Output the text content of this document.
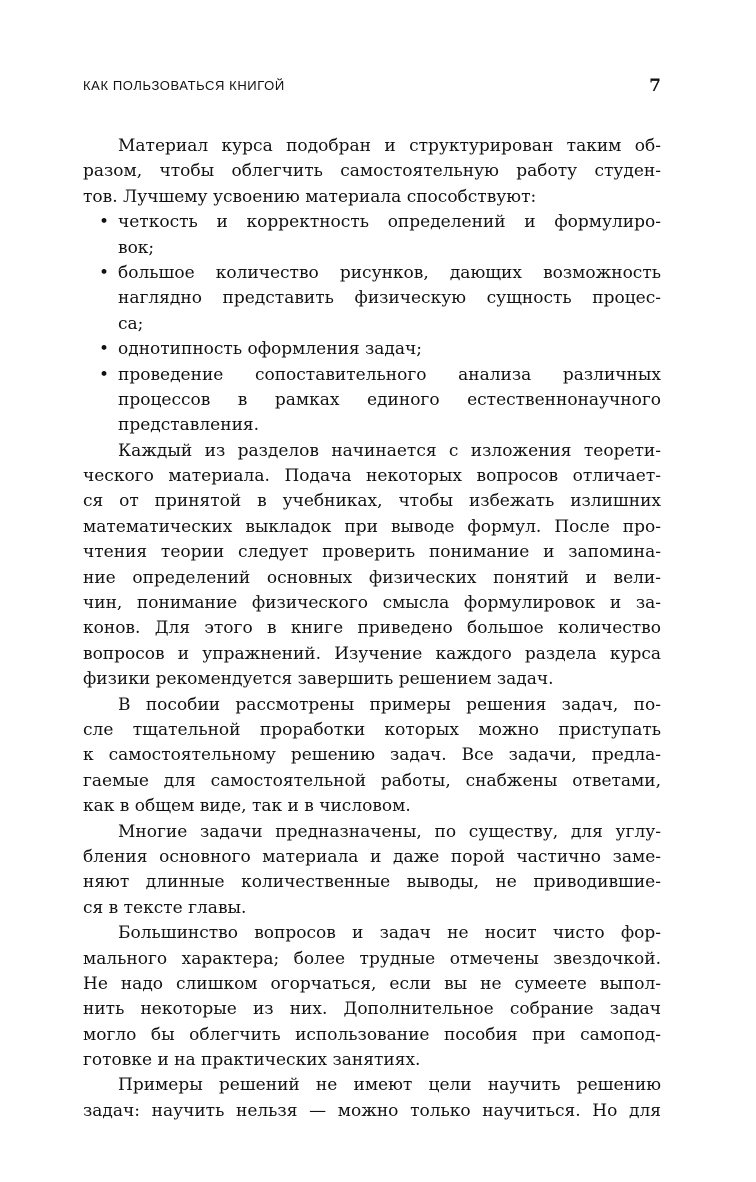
КАК ПОЛЬЗОВАТЬСЯ КНИГОЙ	7
Материал курса подобран и структурирован таким об-
разом, чтобы облегчить самостоятельную работу студен-
тов. Лучшему усвоению материала способствуют:
• четкость и корректность определений и формулиро-
вок;
• большое количество рисунков, дающих возможность
наглядно представить физическую сущность процес-
са;
• однотипность оформления задач;
• проведение сопоставительного анализа различных
процессов в рамках единого естественнонаучного
представления.
Каждый из разделов начинается с изложения теорети-
ческого материала. Подача некоторых вопросов отличает-
ся от принятой в учебниках, чтобы избежать излишних
математических выкладок при выводе формул. После про-
чтения теории следует проверить понимание и запомина-
ние определений основных физических понятий и вели-
чин, понимание физического смысла формулировок и за-
конов. Для этого в книге приведено большое количество
вопросов и упражнений. Изучение каждого раздела курса
физики рекомендуется завершить решением задач.
В пособии рассмотрены примеры решения задач, по-
сле тщательной проработки которых можно приступать
к самостоятельному решению задач. Все задачи, предла-
гаемые для самостоятельной работы, снабжены ответами,
как в общем виде, так и в числовом.
Многие задачи предназначены, по существу, для углу-
бления основного материала и даже порой частично заме-
няют длинные количественные выводы, не приводившие-
ся в тексте главы.
Большинство вопросов и задач не носит чисто фор-
мального характера; более трудные отмечены звездочкой.
Не надо слишком огорчаться, если вы не сумеете выпол-
нить некоторые из них. Дополнительное собрание задач
могло бы облегчить использование пособия при самопод-
готовке и на практических занятиях.
Примеры решений не имеют цели научить решению
задач: научить нельзя — можно только научиться. Но для
